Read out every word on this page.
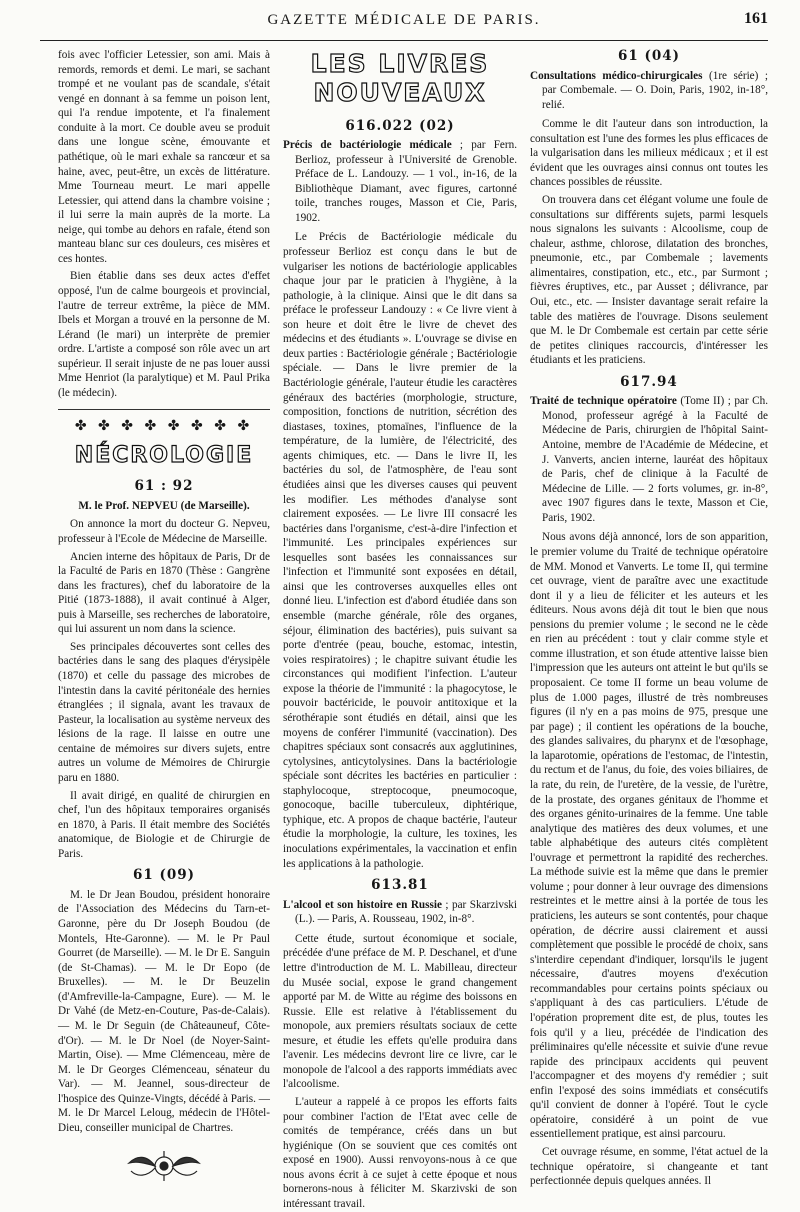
GAZETTE MÉDICALE DE PARIS.	161

fois avec l'officier Letessier, son ami. Mais à remords, remords et demi. Le mari, se sachant trompé et ne voulant pas de scandale, s'était vengé en donnant à sa femme un poison lent, qui l'a rendue impotente, et l'a finalement conduite à la mort. Ce double aveu se produit dans une longue scène, émouvante et pathétique, où le mari exhale sa rancœur et sa haine, avec, peut-être, un excès de littérature. Mme Tourneau meurt. Le mari appelle Letessier, qui attend dans la chambre voisine ; il lui serre la main auprès de la morte. La neige, qui tombe au dehors en rafale, étend son manteau blanc sur ces douleurs, ces misères et ces hontes.

Bien établie dans ses deux actes d'effet opposé, l'un de calme bourgeois et provincial, l'autre de terreur extrême, la pièce de MM. Ibels et Morgan a trouvé en la personne de M. Lérand (le mari) un interprète de premier ordre. L'artiste a composé son rôle avec un art supérieur. Il serait injuste de ne pas louer aussi Mme Henriot (la paralytique) et M. Paul Prika (le médecin).

✤ ✤ ✤ ✤ ✤ ✤ ✤ ✤
NÉCROLOGIE
61 : 92
M. le Prof. NEPVEU (de Marseille).

On annonce la mort du docteur G. Nepveu, professeur à l'Ecole de Médecine de Marseille.

Ancien interne des hôpitaux de Paris, Dr de la Faculté de Paris en 1870 (Thèse : Gangrène dans les fractures), chef du laboratoire de la Pitié (1873-1888), il avait continué à Alger, puis à Marseille, ses recherches de laboratoire, qui lui assurent un nom dans la science.

Ses principales découvertes sont celles des bactéries dans le sang des plaques d'érysipèle (1870) et celle du passage des microbes de l'intestin dans la cavité péritonéale des hernies étranglées ; il signala, avant les travaux de Pasteur, la localisation au système nerveux des lésions de la rage. Il laisse en outre une centaine de mémoires sur divers sujets, entre autres un volume de Mémoires de Chirurgie paru en 1880.

Il avait dirigé, en qualité de chirurgien en chef, l'un des hôpitaux temporaires organisés en 1870, à Paris. Il était membre des Sociétés anatomique, de Biologie et de Chirurgie de Paris.

61 (09)

M. le Dr Jean Boudou, président honoraire de l'Association des Médecins du Tarn-et-Garonne, père du Dr Joseph Boudou (de Montels, Hte-Garonne). — M. le Pr Paul Gourret (de Marseille). — M. le Dr E. Sanguin (de St-Chamas). — M. le Dr Eopo (de Bruxelles). — M. le Dr Beuzelin (d'Amfreville-la-Campagne, Eure). — M. le Dr Vahé (de Metz-en-Couture, Pas-de-Calais). — M. le Dr Seguin (de Châteauneuf, Côte-d'Or). — M. le Dr Noel (de Noyer-Saint-Martin, Oise). — Mme Clémenceau, mère de M. le Dr Georges Clémenceau, sénateur du Var). — M. Jeannel, sous-directeur de l'hospice des Quinze-Vingts, décédé à Paris. — M. le Dr Marcel Leloug, médecin de l'Hôtel-Dieu, conseiller municipal de Chartres.

LES LIVRES
NOUVEAUX
616.022 (02)

Précis de bactériologie médicale ; par Fern. Berlioz, professeur à l'Université de Grenoble. Préface de L. Landouzy. — 1 vol., in-16, de la Bibliothèque Diamant, avec figures, cartonné toile, tranches rouges, Masson et Cie, Paris, 1902.

Le Précis de Bactériologie médicale du professeur Berlioz est conçu dans le but de vulgariser les notions de bactériologie applicables chaque jour par le praticien à l'hygiène, à la pathologie, à la clinique. Ainsi que le dit dans sa préface le professeur Landouzy : « Ce livre vient à son heure et doit être le livre de chevet des médecins et des étudiants ». L'ouvrage se divise en deux parties : Bactériologie générale ; Bactériologie spéciale. — Dans le livre premier de la Bactériologie générale, l'auteur étudie les caractères généraux des bactéries (morphologie, structure, composition, fonctions de nutrition, sécrétion des diastases, toxines, ptomaïnes, l'influence de la température, de la lumière, de l'électricité, des agents chimiques, etc. — Dans le livre II, les bactéries du sol, de l'atmosphère, de l'eau sont étudiées ainsi que les diverses causes qui peuvent les modifier. Les méthodes d'analyse sont clairement exposées. — Le livre III consacré les bactéries dans l'organisme, c'est-à-dire l'infection et l'immunité. Les principales expériences sur lesquelles sont basées les connaissances sur l'infection et l'immunité sont exposées en détail, ainsi que les controverses auxquelles elles ont donné lieu. L'infection est d'abord étudiée dans son ensemble (marche générale, rôle des organes, séjour, élimination des bactéries), puis suivant sa porte d'entrée (peau, bouche, estomac, intestin, voies respiratoires) ; le chapitre suivant étudie les circonstances qui modifient l'infection. L'auteur expose la théorie de l'immunité : la phagocytose, le pouvoir bactéricide, le pouvoir antitoxique et la sérothérapie sont étudiés en détail, ainsi que les moyens de conférer l'immunité (vaccination). Des chapitres spéciaux sont consacrés aux agglutinines, cytolysines, anticytolysines. Dans la bactériologie spéciale sont décrites les bactéries en particulier : staphylocoque, streptocoque, pneumocoque, gonocoque, bacille tuberculeux, diphtérique, typhique, etc. A propos de chaque bactérie, l'auteur étudie la morphologie, la culture, les toxines, les inoculations expérimentales, la vaccination et enfin les applications à la pathologie.

613.81

L'alcool et son histoire en Russie ; par Skarzivski (L.). — Paris, A. Rousseau, 1902, in-8°.

Cette étude, surtout économique et sociale, précédée d'une préface de M. P. Deschanel, et d'une lettre d'introduction de M. L. Mabilleau, directeur du Musée social, expose le grand changement apporté par M. de Witte au régime des boissons en Russie. Elle est relative à l'établissement du monopole, aux premiers résultats sociaux de cette mesure, et étudie les effets qu'elle produira dans l'avenir. Les médecins devront lire ce livre, car le monopole de l'alcool a des rapports immédiats avec l'alcoolisme.

L'auteur a rappelé à ce propos les efforts faits pour combiner l'action de l'Etat avec celle de comités de tempérance, créés dans un but hygiénique (On se souvient que ces comités ont exposé en 1900). Aussi renvoyons-nous à ce que nous avons écrit à ce sujet à cette époque et nous bornerons-nous à féliciter M. Skarzivski de son intéressant travail.

61 (04)

Consultations médico-chirurgicales (1re série) ; par Combemale. — O. Doin, Paris, 1902, in-18°, relié.

Comme le dit l'auteur dans son introduction, la consultation est l'une des formes les plus efficaces de la vulgarisation dans les milieux médicaux ; et il est évident que les ouvrages ainsi connus ont toutes les chances possibles de réussite.

On trouvera dans cet élégant volume une foule de consultations sur différents sujets, parmi lesquels nous signalons les suivants : Alcoolisme, coup de chaleur, asthme, chlorose, dilatation des bronches, pneumonie, etc., par Combemale ; lavements alimentaires, constipation, etc., etc., par Surmont ; fièvres éruptives, etc., par Ausset ; délivrance, par Oui, etc., etc. — Insister davantage serait refaire la table des matières de l'ouvrage. Disons seulement que M. le Dr Combemale est certain par cette série de petites cliniques raccourcis, d'intéresser les étudiants et les praticiens.

617.94

Traité de technique opératoire (Tome II) ; par Ch. Monod, professeur agrégé à la Faculté de Médecine de Paris, chirurgien de l'hôpital Saint-Antoine, membre de l'Académie de Médecine, et J. Vanverts, ancien interne, lauréat des hôpitaux de Paris, chef de clinique à la Faculté de Médecine de Lille. — 2 forts volumes, gr. in-8°, avec 1907 figures dans le texte, Masson et Cie, Paris, 1902.

Nous avons déjà annoncé, lors de son apparition, le premier volume du Traité de technique opératoire de MM. Monod et Vanverts. Le tome II, qui termine cet ouvrage, vient de paraître avec une exactitude dont il y a lieu de féliciter et les auteurs et les éditeurs. Nous avons déjà dit tout le bien que nous pensions du premier volume ; le second ne le cède en rien au précédent : tout y clair comme style et comme illustration, et son étude attentive laisse bien l'impression que les auteurs ont atteint le but qu'ils se proposaient. Ce tome II forme un beau volume de plus de 1.000 pages, illustré de très nombreuses figures (il n'y en a pas moins de 975, presque une par page) ; il contient les opérations de la bouche, des glandes salivaires, du pharynx et de l'œsophage, la laparotomie, opérations de l'estomac, de l'intestin, du rectum et de l'anus, du foie, des voies biliaires, de la rate, du rein, de l'uretère, de la vessie, de l'urètre, de la prostate, des organes génitaux de l'homme et des organes génito-urinaires de la femme. Une table analytique des matières des deux volumes, et une table alphabétique des auteurs cités complètent l'ouvrage et permettront la rapidité des recherches. La méthode suivie est la même que dans le premier volume ; pour donner à leur ouvrage des dimensions restreintes et le mettre ainsi à la portée de tous les praticiens, les auteurs se sont contentés, pour chaque opération, de décrire aussi clairement et aussi complètement que possible le procédé de choix, sans s'interdire cependant d'indiquer, lorsqu'ils le jugent nécessaire, d'autres moyens d'exécution recommandables pour certains points spéciaux ou s'appliquant à des cas particuliers. L'étude de l'opération proprement dite est, de plus, toutes les fois qu'il y a lieu, précédée de l'indication des préliminaires qu'elle nécessite et suivie d'une revue rapide des principaux accidents qui peuvent l'accompagner et des moyens d'y remédier ; suit enfin l'exposé des soins immédiats et consécutifs qu'il convient de donner à l'opéré. Tout le cycle opératoire, considéré à un point de vue essentiellement pratique, est ainsi parcouru.

Cet ouvrage résume, en somme, l'état actuel de la technique opératoire, si changeante et tant perfectionnée depuis quelques années. Il
